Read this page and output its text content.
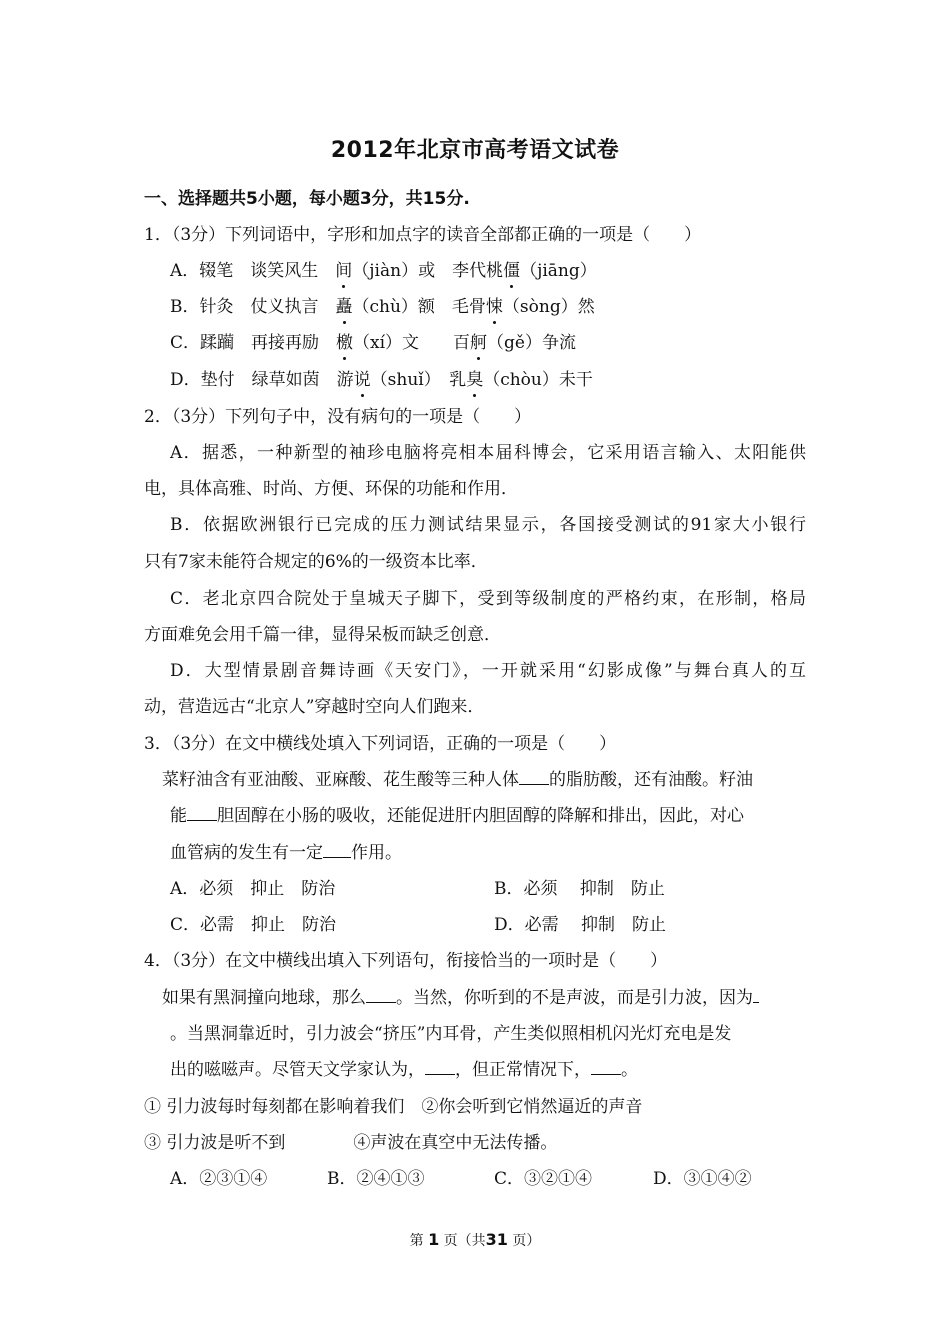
2012年北京市高考语文试卷
一、选择题共5小题，每小题3分，共15分.
1．（3分）下列词语中，字形和加点字的读音全部都正确的一项是（　　）
A．辍笔　谈笑风生　间（jiàn）或　李代桃僵（jiāng）
B．针灸　仗义执言　矗（chù）额　毛骨悚（sòng）然
C．蹂躏　再接再励　檄（xí）文　　百舸（gě）争流
D．垫付　绿草如茵　游说（shuǐ）　乳臭（chòu）未干
2．（3分）下列句子中，没有病句的一项是（　　）
A．据悉，一种新型的袖珍电脑将亮相本届科博会，它采用语言输入、太阳能供
电，具体高雅、时尚、方便、环保的功能和作用．
B．依据欧洲银行已完成的压力测试结果显示，各国接受测试的91家大小银行
只有7家未能符合规定的6%的一级资本比率．
C．老北京四合院处于皇城天子脚下，受到等级制度的严格约束，在形制，格局
方面难免会用千篇一律，显得呆板而缺乏创意．
D．大型情景剧音舞诗画《天安门》，一开就采用“幻影成像”与舞台真人的互
动，营造远古“北京人”穿越时空向人们跑来．
3．（3分）在文中横线处填入下列词语，正确的一项是（　　）
菜籽油含有亚油酸、亚麻酸、花生酸等三种人体 的脂肪酸，还有油酸。籽油
能 胆固醇在小肠的吸收，还能促进肝内胆固醇的降解和排出，因此，对心
血管病的发生有一定 作用。
A．必须　抑止　防治	B．必须　 抑制　防止
C．必需　抑止　防治	D．必需　 抑制　防止
4．（3分）在文中横线出填入下列语句，衔接恰当的一项时是（　　）
如果有黑洞撞向地球，那么 。当然，你听到的不是声波，而是引力波，因为
。当黑洞靠近时，引力波会“挤压”内耳骨，产生类似照相机闪光灯充电是发
出的嗞嗞声。尽管天文学家认为， ，但正常情况下， 。
① 引力波每时每刻都在影响着我们　②你会听到它悄然逼近的声音
③ 引力波是听不到　　　　④声波在真空中无法传播。
A．②③①④	B．②④①③	C．③②①④	D．③①④②
第 1 页（共31 页）
